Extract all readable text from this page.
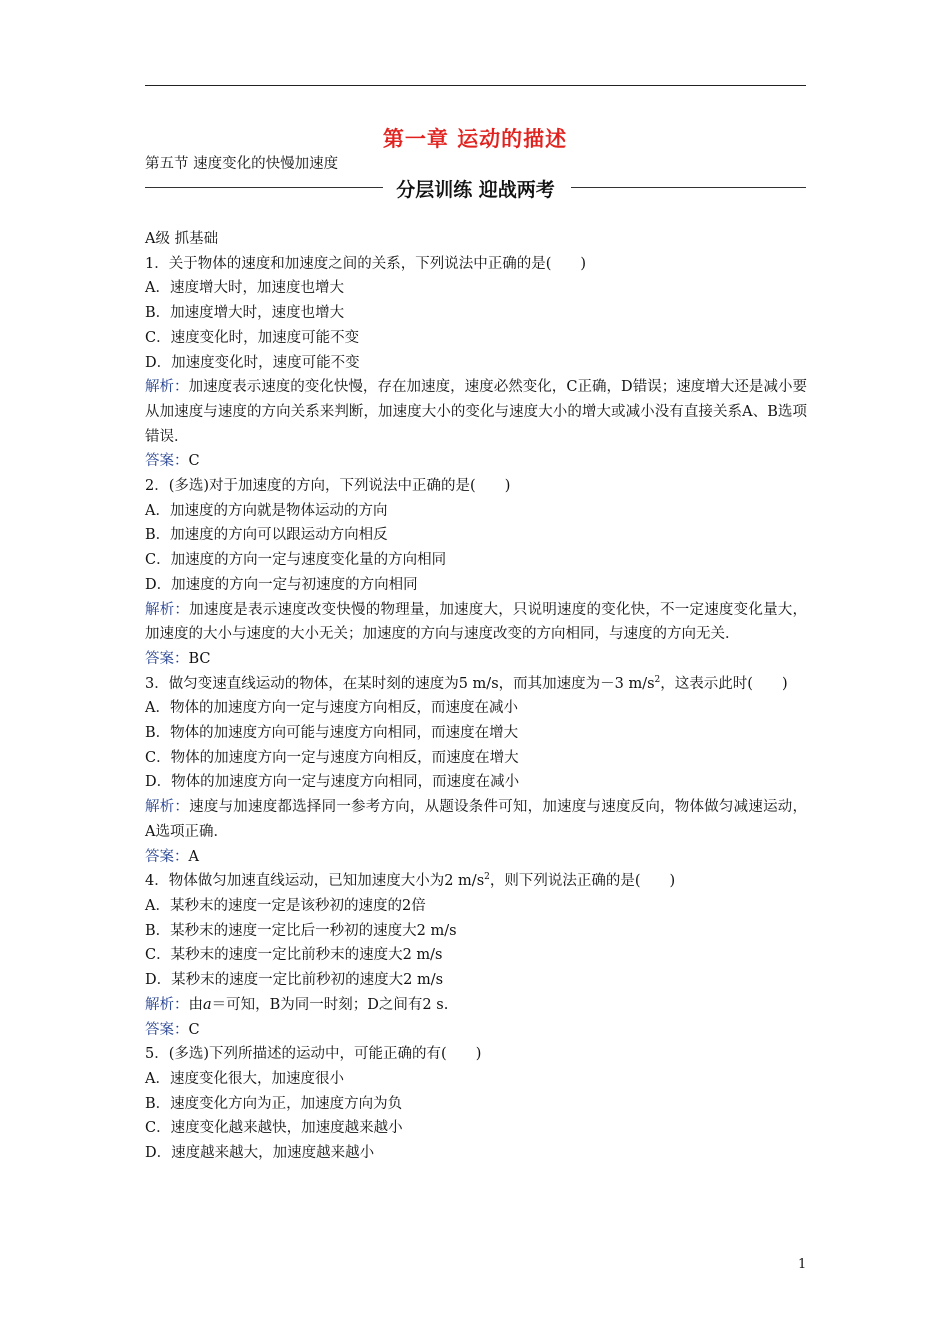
第一章 运动的描述
第五节 速度变化的快慢加速度
分层训练 迎战两考
A级 抓基础
1．关于物体的速度和加速度之间的关系，下列说法中正确的是(　　)
A．速度增大时，加速度也增大
B．加速度增大时，速度也增大
C．速度变化时，加速度可能不变
D．加速度变化时，速度可能不变
解析：加速度表示速度的变化快慢，存在加速度，速度必然变化，C正确，D错误；速度增大还是减小要从加速度与速度的方向关系来判断，加速度大小的变化与速度大小的增大或减小没有直接关系A、B选项错误．
答案：C
2．(多选)对于加速度的方向，下列说法中正确的是(　　)
A．加速度的方向就是物体运动的方向
B．加速度的方向可以跟运动方向相反
C．加速度的方向一定与速度变化量的方向相同
D．加速度的方向一定与初速度的方向相同
解析：加速度是表示速度改变快慢的物理量，加速度大，只说明速度的变化快，不一定速度变化量大，加速度的大小与速度的大小无关；加速度的方向与速度改变的方向相同，与速度的方向无关．
答案：BC
3．做匀变速直线运动的物体，在某时刻的速度为5 m/s，而其加速度为－3 $m/s^2$，这表示此时(　　)
A．物体的加速度方向一定与速度方向相反，而速度在减小
B．物体的加速度方向可能与速度方向相同，而速度在增大
C．物体的加速度方向一定与速度方向相反，而速度在增大
D．物体的加速度方向一定与速度方向相同，而速度在减小
解析：速度与加速度都选择同一参考方向，从题设条件可知，加速度与速度反向，物体做匀减速运动，A选项正确．
答案：A
4．物体做匀加速直线运动，已知加速度大小为2 $m/s^2$，则下列说法正确的是(　　)
A．某秒末的速度一定是该秒初的速度的2倍
B．某秒末的速度一定比后一秒初的速度大2 m/s
C．某秒末的速度一定比前秒末的速度大2 m/s
D．某秒末的速度一定比前秒初的速度大2 m/s
解析：由a＝可知，B为同一时刻；D之间有2 s.
答案：C
5．(多选)下列所描述的运动中，可能正确的有(　　)
A．速度变化很大，加速度很小
B．速度变化方向为正，加速度方向为负
C．速度变化越来越快，加速度越来越小
D．速度越来越大，加速度越来越小
1
